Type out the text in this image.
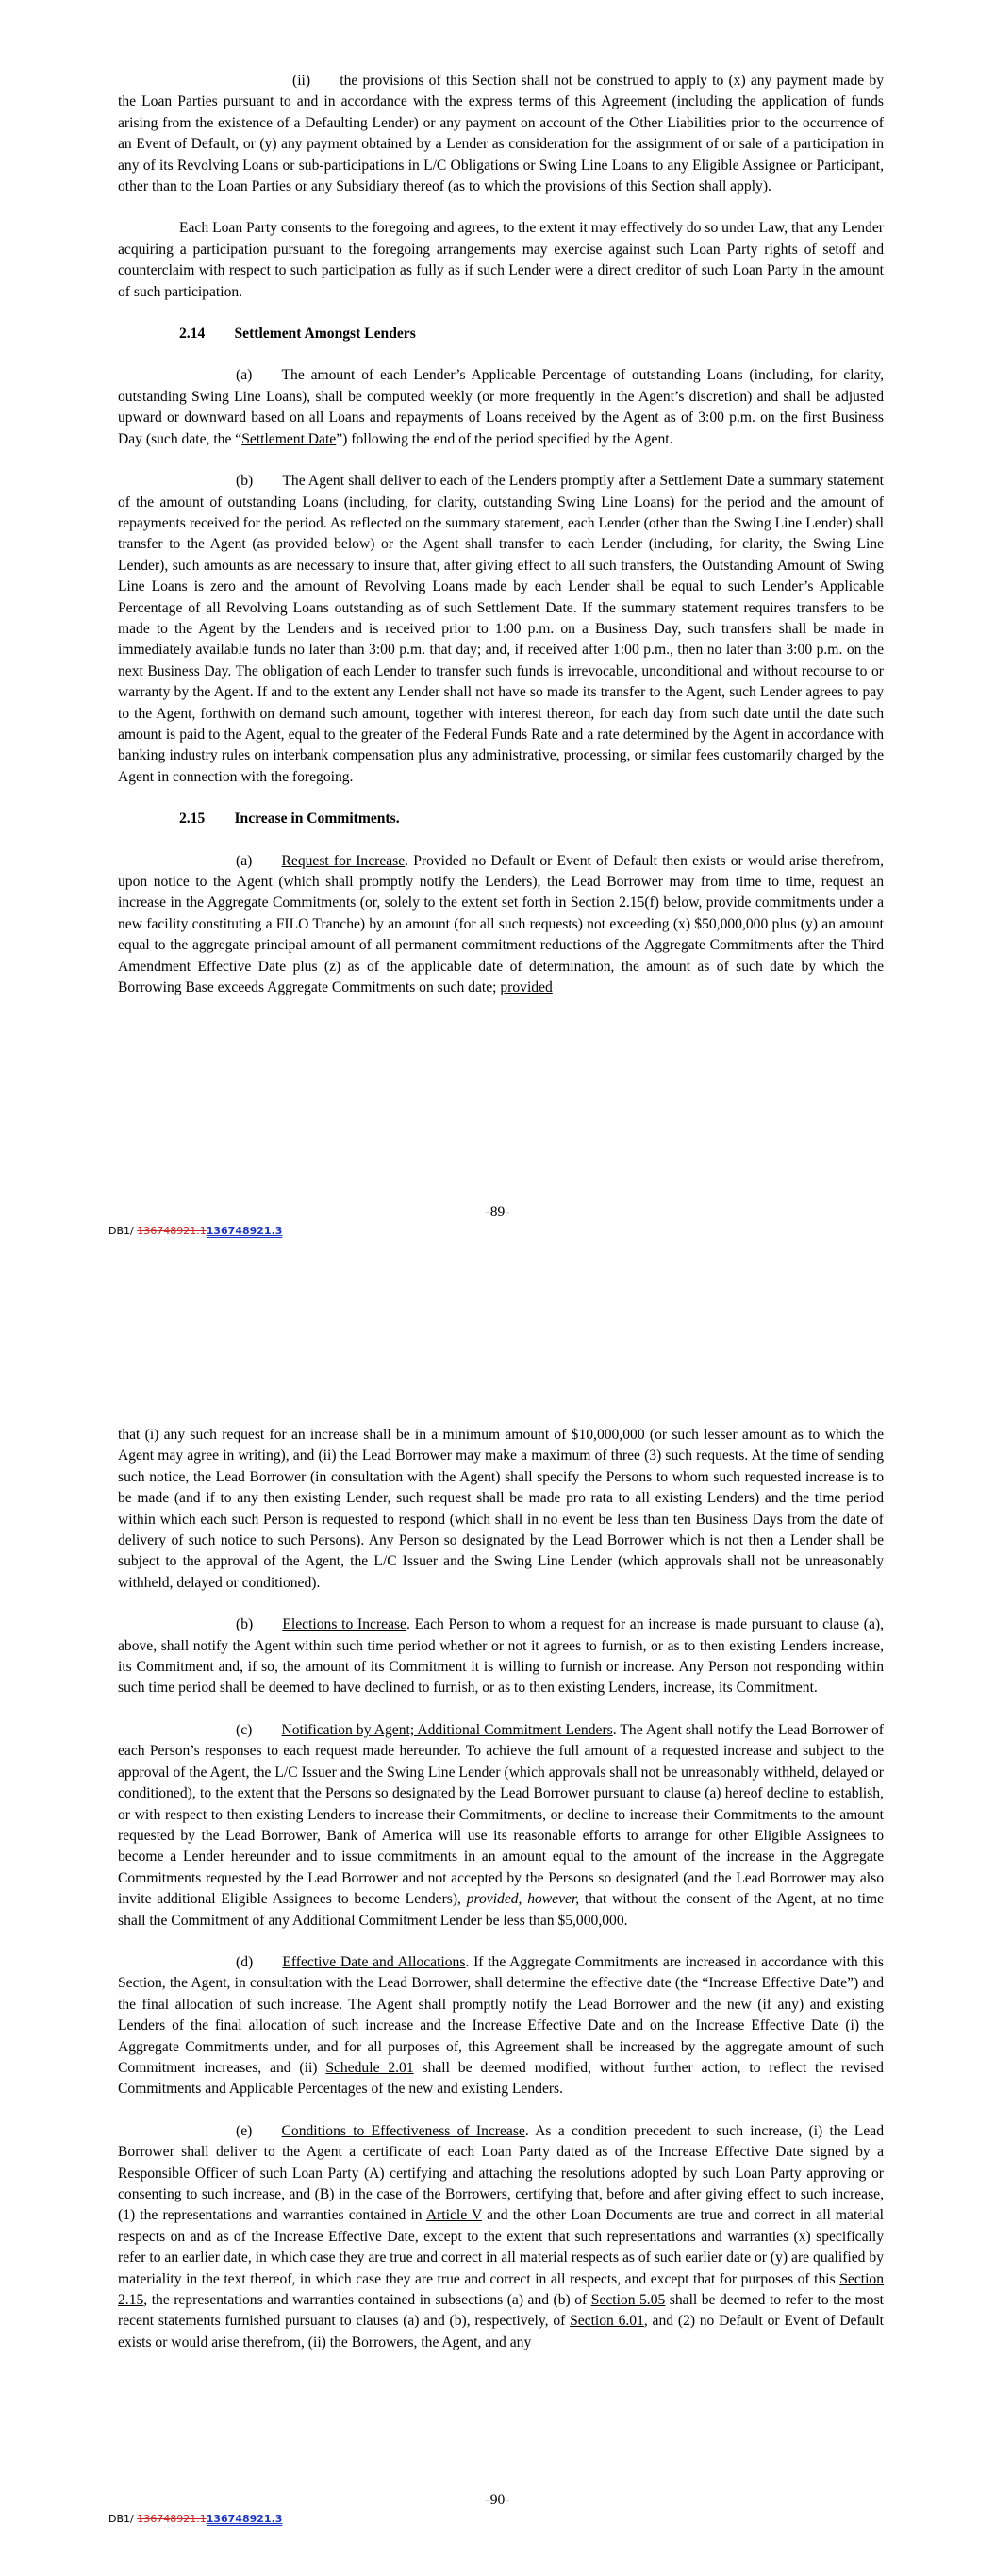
(ii)  the provisions of this Section shall not be construed to apply to (x) any payment made by the Loan Parties pursuant to and in accordance with the express terms of this Agreement (including the application of funds arising from the existence of a Defaulting Lender) or any payment on account of the Other Liabilities prior to the occurrence of an Event of Default, or (y) any payment obtained by a Lender as consideration for the assignment of or sale of a participation in any of its Revolving Loans or sub-participations in L/C Obligations or Swing Line Loans to any Eligible Assignee or Participant, other than to the Loan Parties or any Subsidiary thereof (as to which the provisions of this Section shall apply).

Each Loan Party consents to the foregoing and agrees, to the extent it may effectively do so under Law, that any Lender acquiring a participation pursuant to the foregoing arrangements may exercise against such Loan Party rights of setoff and counterclaim with respect to such participation as fully as if such Lender were a direct creditor of such Loan Party in the amount of such participation.

2.14  Settlement Amongst Lenders

(a)  The amount of each Lender’s Applicable Percentage of outstanding Loans (including, for clarity, outstanding Swing Line Loans), shall be computed weekly (or more frequently in the Agent’s discretion) and shall be adjusted upward or downward based on all Loans and repayments of Loans received by the Agent as of 3:00 p.m. on the first Business Day (such date, the “Settlement Date”) following the end of the period specified by the Agent.

(b)  The Agent shall deliver to each of the Lenders promptly after a Settlement Date a summary statement of the amount of outstanding Loans (including, for clarity, outstanding Swing Line Loans) for the period and the amount of repayments received for the period. As reflected on the summary statement, each Lender (other than the Swing Line Lender) shall transfer to the Agent (as provided below) or the Agent shall transfer to each Lender (including, for clarity, the Swing Line Lender), such amounts as are necessary to insure that, after giving effect to all such transfers, the Outstanding Amount of Swing Line Loans is zero and the amount of Revolving Loans made by each Lender shall be equal to such Lender’s Applicable Percentage of all Revolving Loans outstanding as of such Settlement Date. If the summary statement requires transfers to be made to the Agent by the Lenders and is received prior to 1:00 p.m. on a Business Day, such transfers shall be made in immediately available funds no later than 3:00 p.m. that day; and, if received after 1:00 p.m., then no later than 3:00 p.m. on the next Business Day. The obligation of each Lender to transfer such funds is irrevocable, unconditional and without recourse to or warranty by the Agent. If and to the extent any Lender shall not have so made its transfer to the Agent, such Lender agrees to pay to the Agent, forthwith on demand such amount, together with interest thereon, for each day from such date until the date such amount is paid to the Agent, equal to the greater of the Federal Funds Rate and a rate determined by the Agent in accordance with banking industry rules on interbank compensation plus any administrative, processing, or similar fees customarily charged by the Agent in connection with the foregoing.

2.15  Increase in Commitments.

(a)  Request for Increase. Provided no Default or Event of Default then exists or would arise therefrom, upon notice to the Agent (which shall promptly notify the Lenders), the Lead Borrower may from time to time, request an increase in the Aggregate Commitments (or, solely to the extent set forth in Section 2.15(f) below, provide commitments under a new facility constituting a FILO Tranche) by an amount (for all such requests) not exceeding (x) $50,000,000 plus (y) an amount equal to the aggregate principal amount of all permanent commitment reductions of the Aggregate Commitments after the Third Amendment Effective Date plus (z) as of the applicable date of determination, the amount as of such date by which the Borrowing Base exceeds Aggregate Commitments on such date; provided

-89-
DB1/ 136748921.1136748921.3

that (i) any such request for an increase shall be in a minimum amount of $10,000,000 (or such lesser amount as to which the Agent may agree in writing), and (ii) the Lead Borrower may make a maximum of three (3) such requests. At the time of sending such notice, the Lead Borrower (in consultation with the Agent) shall specify the Persons to whom such requested increase is to be made (and if to any then existing Lender, such request shall be made pro rata to all existing Lenders) and the time period within which each such Person is requested to respond (which shall in no event be less than ten Business Days from the date of delivery of such notice to such Persons). Any Person so designated by the Lead Borrower which is not then a Lender shall be subject to the approval of the Agent, the L/C Issuer and the Swing Line Lender (which approvals shall not be unreasonably withheld, delayed or conditioned).

(b)  Elections to Increase. Each Person to whom a request for an increase is made pursuant to clause (a), above, shall notify the Agent within such time period whether or not it agrees to furnish, or as to then existing Lenders increase, its Commitment and, if so, the amount of its Commitment it is willing to furnish or increase. Any Person not responding within such time period shall be deemed to have declined to furnish, or as to then existing Lenders, increase, its Commitment.

(c)  Notification by Agent; Additional Commitment Lenders. The Agent shall notify the Lead Borrower of each Person’s responses to each request made hereunder. To achieve the full amount of a requested increase and subject to the approval of the Agent, the L/C Issuer and the Swing Line Lender (which approvals shall not be unreasonably withheld, delayed or conditioned), to the extent that the Persons so designated by the Lead Borrower pursuant to clause (a) hereof decline to establish, or with respect to then existing Lenders to increase their Commitments, or decline to increase their Commitments to the amount requested by the Lead Borrower, Bank of America will use its reasonable efforts to arrange for other Eligible Assignees to become a Lender hereunder and to issue commitments in an amount equal to the amount of the increase in the Aggregate Commitments requested by the Lead Borrower and not accepted by the Persons so designated (and the Lead Borrower may also invite additional Eligible Assignees to become Lenders), provided, however, that without the consent of the Agent, at no time shall the Commitment of any Additional Commitment Lender be less than $5,000,000.

(d)  Effective Date and Allocations. If the Aggregate Commitments are increased in accordance with this Section, the Agent, in consultation with the Lead Borrower, shall determine the effective date (the “Increase Effective Date”) and the final allocation of such increase. The Agent shall promptly notify the Lead Borrower and the new (if any) and existing Lenders of the final allocation of such increase and the Increase Effective Date and on the Increase Effective Date (i) the Aggregate Commitments under, and for all purposes of, this Agreement shall be increased by the aggregate amount of such Commitment increases, and (ii) Schedule 2.01 shall be deemed modified, without further action, to reflect the revised Commitments and Applicable Percentages of the new and existing Lenders.

(e)  Conditions to Effectiveness of Increase. As a condition precedent to such increase, (i) the Lead Borrower shall deliver to the Agent a certificate of each Loan Party dated as of the Increase Effective Date signed by a Responsible Officer of such Loan Party (A) certifying and attaching the resolutions adopted by such Loan Party approving or consenting to such increase, and (B) in the case of the Borrowers, certifying that, before and after giving effect to such increase, (1) the representations and warranties contained in Article V and the other Loan Documents are true and correct in all material respects on and as of the Increase Effective Date, except to the extent that such representations and warranties (x) specifically refer to an earlier date, in which case they are true and correct in all material respects as of such earlier date or (y) are qualified by materiality in the text thereof, in which case they are true and correct in all respects, and except that for purposes of this Section 2.15, the representations and warranties contained in subsections (a) and (b) of Section 5.05 shall be deemed to refer to the most recent statements furnished pursuant to clauses (a) and (b), respectively, of Section 6.01, and (2) no Default or Event of Default exists or would arise therefrom, (ii) the Borrowers, the Agent, and any

-90-
DB1/ 136748921.1136748921.3
